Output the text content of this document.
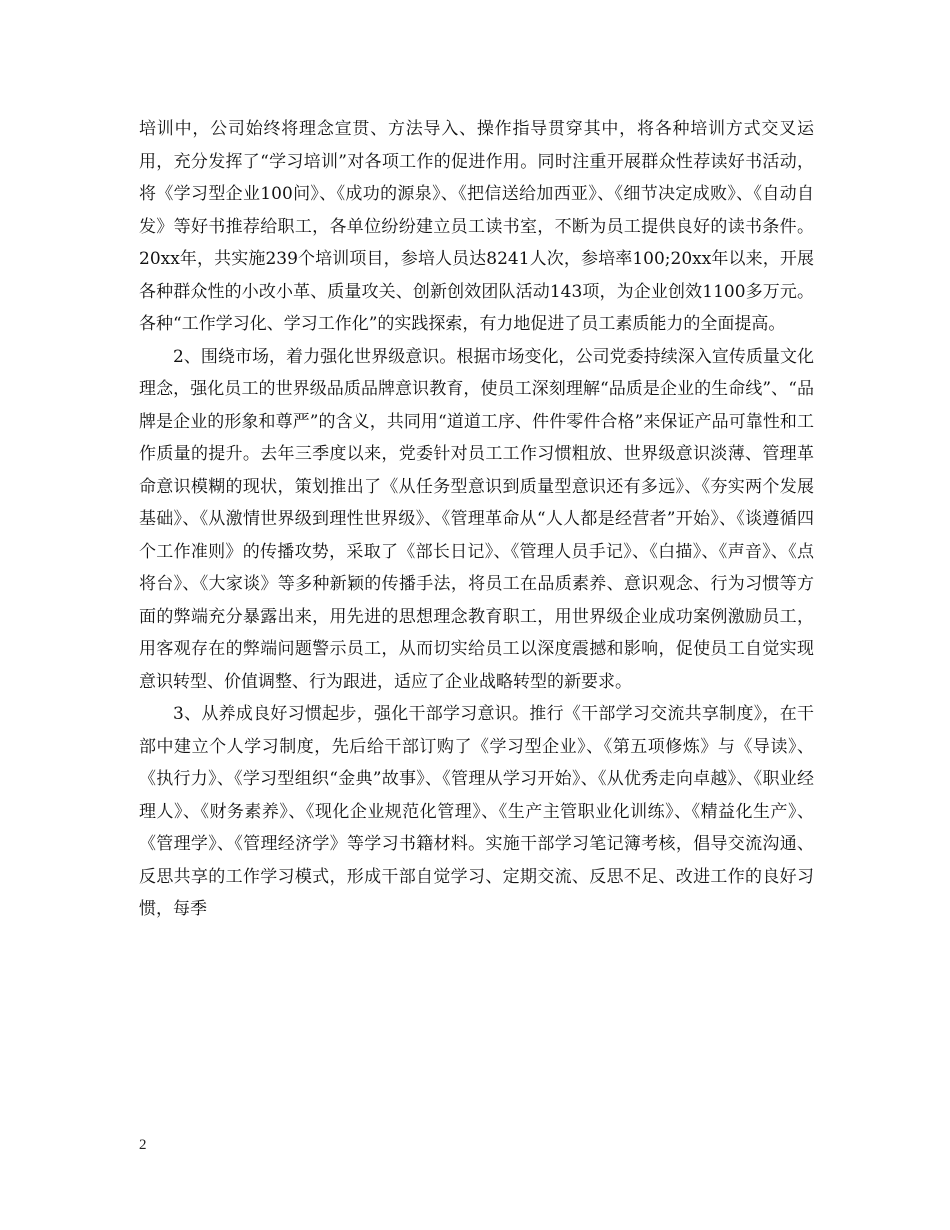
培训中，公司始终将理念宣贯、方法导入、操作指导贯穿其中，将各种培训方式交叉运用，充分发挥了“学习培训”对各项工作的促进作用。同时注重开展群众性荐读好书活动，将《学习型企业100问》、《成功的源泉》、《把信送给加西亚》、《细节决定成败》、《自动自发》等好书推荐给职工，各单位纷纷建立员工读书室，不断为员工提供良好的读书条件。20xx年，共实施239个培训项目，参培人员达8241人次，参培率100;20xx年以来，开展各种群众性的小改小革、质量攻关、创新创效团队活动143项，为企业创效1100多万元。各种“工作学习化、学习工作化”的实践探索，有力地促进了员工素质能力的全面提高。

2、围绕市场，着力强化世界级意识。根据市场变化，公司党委持续深入宣传质量文化理念，强化员工的世界级品质品牌意识教育，使员工深刻理解“品质是企业的生命线”、“品牌是企业的形象和尊严”的含义，共同用“道道工序、件件零件合格”来保证产品可靠性和工作质量的提升。去年三季度以来，党委针对员工工作习惯粗放、世界级意识淡薄、管理革命意识模糊的现状，策划推出了《从任务型意识到质量型意识还有多远》、《夯实两个发展基础》、《从激情世界级到理性世界级》、《管理革命从“人人都是经营者”开始》、《谈遵循四个工作准则》的传播攻势，采取了《部长日记》、《管理人员手记》、《白描》、《声音》、《点将台》、《大家谈》等多种新颖的传播手法，将员工在品质素养、意识观念、行为习惯等方面的弊端充分暴露出来，用先进的思想理念教育职工，用世界级企业成功案例激励员工，用客观存在的弊端问题警示员工，从而切实给员工以深度震撼和影响，促使员工自觉实现意识转型、价值调整、行为跟进，适应了企业战略转型的新要求。

3、从养成良好习惯起步，强化干部学习意识。推行《干部学习交流共享制度》，在干部中建立个人学习制度，先后给干部订购了《学习型企业》、《第五项修炼》与《导读》、《执行力》、《学习型组织“金典”故事》、《管理从学习开始》、《从优秀走向卓越》、《职业经理人》、《财务素养》、《现化企业规范化管理》、《生产主管职业化训练》、《精益化生产》、《管理学》、《管理经济学》等学习书籍材料。实施干部学习笔记簿考核，倡导交流沟通、反思共享的工作学习模式，形成干部自觉学习、定期交流、反思不足、改进工作的良好习惯，每季

2
